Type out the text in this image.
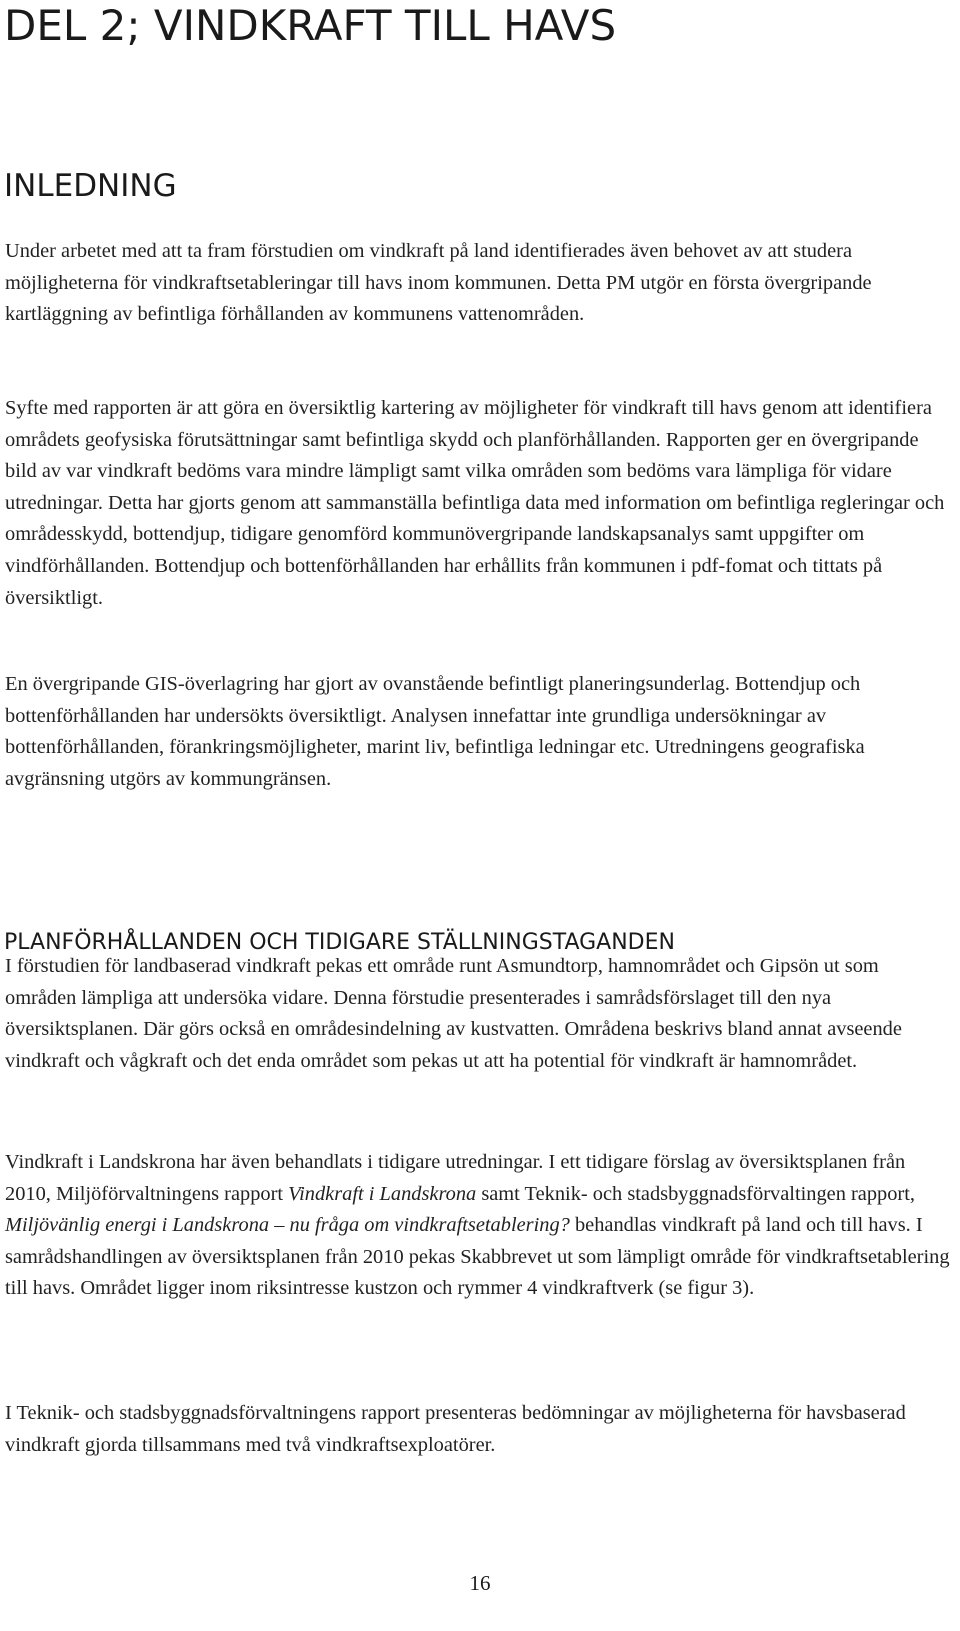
DEL 2; VINDKRAFT TILL HAVS
INLEDNING

Under arbetet med att ta fram förstudien om vindkraft på land identifierades även behovet av att studera möjligheterna för vindkraftsetableringar till havs inom kommunen. Detta PM utgör en första övergripande kartläggning av befintliga förhållanden av kommunens vattenområden.

Syfte med rapporten är att göra en översiktlig kartering av möjligheter för vindkraft till havs genom att identifiera områdets geofysiska förutsättningar samt befintliga skydd och planförhållanden. Rapporten ger en övergripande bild av var vindkraft bedöms vara mindre lämpligt samt vilka områden som bedöms vara lämpliga för vidare utredningar. Detta har gjorts genom att sammanställa befintliga data med information om befintliga regleringar och områdesskydd, bottendjup, tidigare genomförd kommunövergripande landskapsanalys samt uppgifter om vindförhållanden. Bottendjup och bottenförhållanden har erhållits från kommunen i pdf-fomat och tittats på översiktligt.

En övergripande GIS-överlagring har gjort av ovanstående befintligt planeringsunderlag. Bottendjup och bottenförhållanden har undersökts översiktligt. Analysen innefattar inte grundliga undersökningar av bottenförhållanden, förankringsmöjligheter, marint liv, befintliga ledningar etc. Utredningens geografiska avgränsning utgörs av kommungränsen.

PLANFÖRHÅLLANDEN OCH TIDIGARE STÄLLNINGSTAGANDEN

I förstudien för landbaserad vindkraft pekas ett område runt Asmundtorp, hamnområdet och Gipsön ut som områden lämpliga att undersöka vidare. Denna förstudie presenterades i samrådsförslaget till den nya översiktsplanen. Där görs också en områdesindelning av kustvatten. Områdena beskrivs bland annat avseende vindkraft och vågkraft och det enda området som pekas ut att ha potential för vindkraft är hamnområdet.

Vindkraft i Landskrona har även behandlats i tidigare utredningar. I ett tidigare förslag av översiktsplanen från 2010, Miljöförvaltningens rapport Vindkraft i Landskrona samt Teknik- och stadsbyggnadsförvaltingen rapport, Miljövänlig energi i Landskrona – nu fråga om vindkraftsetablering? behandlas vindkraft på land och till havs. I samrådshandlingen av översiktsplanen från 2010 pekas Skabbrevet ut som lämpligt område för vindkraftsetablering till havs. Området ligger inom riksintresse kustzon och rymmer 4 vindkraftverk (se figur 3).

I Teknik- och stadsbyggnadsförvaltningens rapport presenteras bedömningar av möjligheterna för havsbaserad vindkraft gjorda tillsammans med två vindkraftsexploatörer.

16
